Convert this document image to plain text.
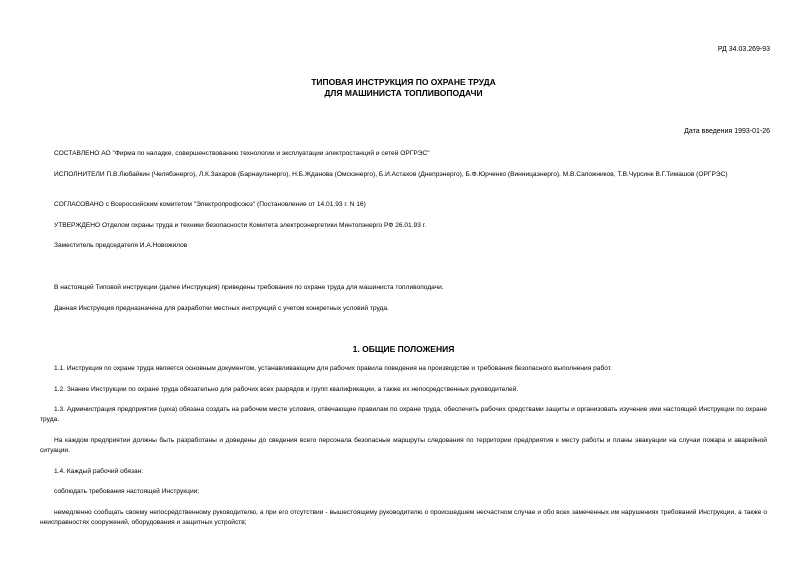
РД 34.03.269-93
ТИПОВАЯ ИНСТРУКЦИЯ ПО ОХРАНЕ ТРУДА
ДЛЯ МАШИНИСТА ТОПЛИВОПОДАЧИ
Дата введения 1993-01-26
СОСТАВЛЕНО АО "Фирма по наладке, совершенствованию технологии и эксплуатации электростанций и сетей ОРГРЭС"
ИСПОЛНИТЕЛИ П.В.Любайкин (Челябэнерго), Л.К.Захаров (Барнаулэнерго), Н.Б.Жданова (Омскэнерго), Б.И.Астахов (Днепрэнерго), Б.Ф.Юрченко (Винницаэнерго), М.В.Сапожников, Т.В.Чурсинк В.Г.Тимашов (ОРГРЭС)
СОГЛАСОВАНО с Всероссийским комитетом "Электропрофсоюз" (Постановление от 14.01.93 г. N 16)
УТВЕРЖДЕНО Отделом охраны труда и техники безопасности Комитета электроэнергетики Минтопэнерго РФ 26.01.93 г.
Заместитель председателя И.А.Новожилов
В настоящей Типовой инструкции (далее Инструкция) приведены требования по охране труда для машиниста топливоподачи.
Данная Инструкция предназначена для разработки местных инструкций с учетом конкретных условий труда.
1. ОБЩИЕ ПОЛОЖЕНИЯ
1.1. Инструкция по охране труда является основным документом, устанавливающим для рабочих правила поведения на производстве и требования безопасного выполнения работ.
1.2. Знание Инструкции по охране труда обязательно для рабочих всех разрядов и групп квалификации, а также их непосредственных руководителей.
1.3. Администрация предприятия (цеха) обязана создать на рабочем месте условия, отвечающие правилам по охране труда, обеспечить рабочих средствами защиты и организовать изучение ими настоящей Инструкции по охране труда.
На каждом предприятии должны быть разработаны и доведены до сведения всего персонала безопасные маршруты следования по территории предприятия к месту работы и планы эвакуации на случаи пожара и аварийной ситуации.
1.4. Каждый рабочий обязан:
соблюдать требования настоящей Инструкции;
немедленно сообщать своему непосредственному руководителю, а при его отсутствии - вышестоящему руководителю о происшедшем несчастном случае и обо всех замеченных им нарушениях требований Инструкции, а также о неисправностях сооружений, оборудования и защитных устройств;
